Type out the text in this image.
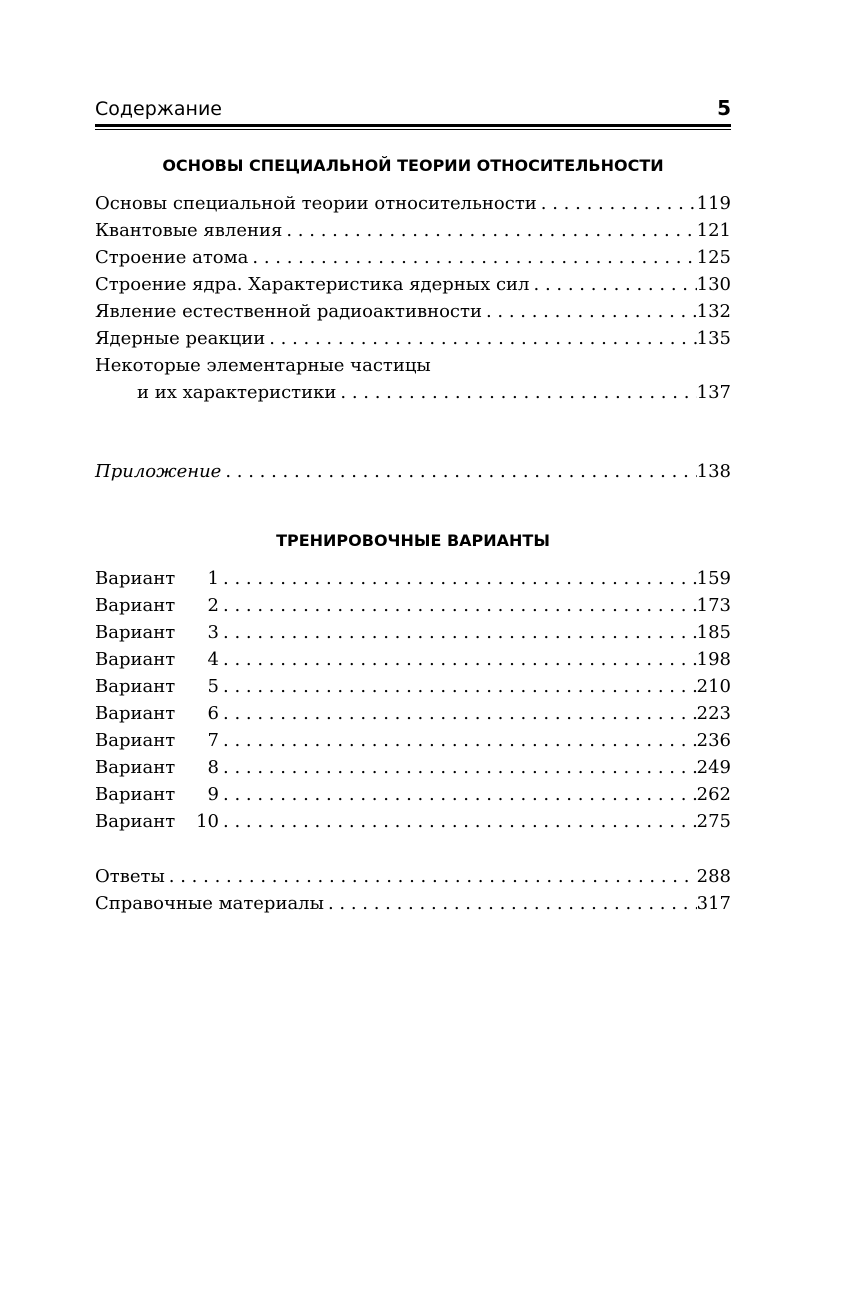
Содержание	5
ОСНОВЫ СПЕЦИАЛЬНОЙ ТЕОРИИ ОТНОСИТЕЛЬНОСТИ
Основы специальной теории относительности . . .	119
Квантовые явления . . .	121
Строение атома . . .	125
Строение ядра. Характеристика ядерных сил . . .	130
Явление естественной радиоактивности . . .	132
Ядерные реакции . . .	135
Некоторые элементарные частицы
и их характеристики . . .	137
Приложение . . .	138
ТРЕНИРОВОЧНЫЕ ВАРИАНТЫ
Вариант 1 . . .	159
Вариант 2 . . .	173
Вариант 3 . . .	185
Вариант 4 . . .	198
Вариант 5 . . .	210
Вариант 6 . . .	223
Вариант 7 . . .	236
Вариант 8 . . .	249
Вариант 9 . . .	262
Вариант 10 . . .	275
Ответы . . .	288
Справочные материалы . . .	317
